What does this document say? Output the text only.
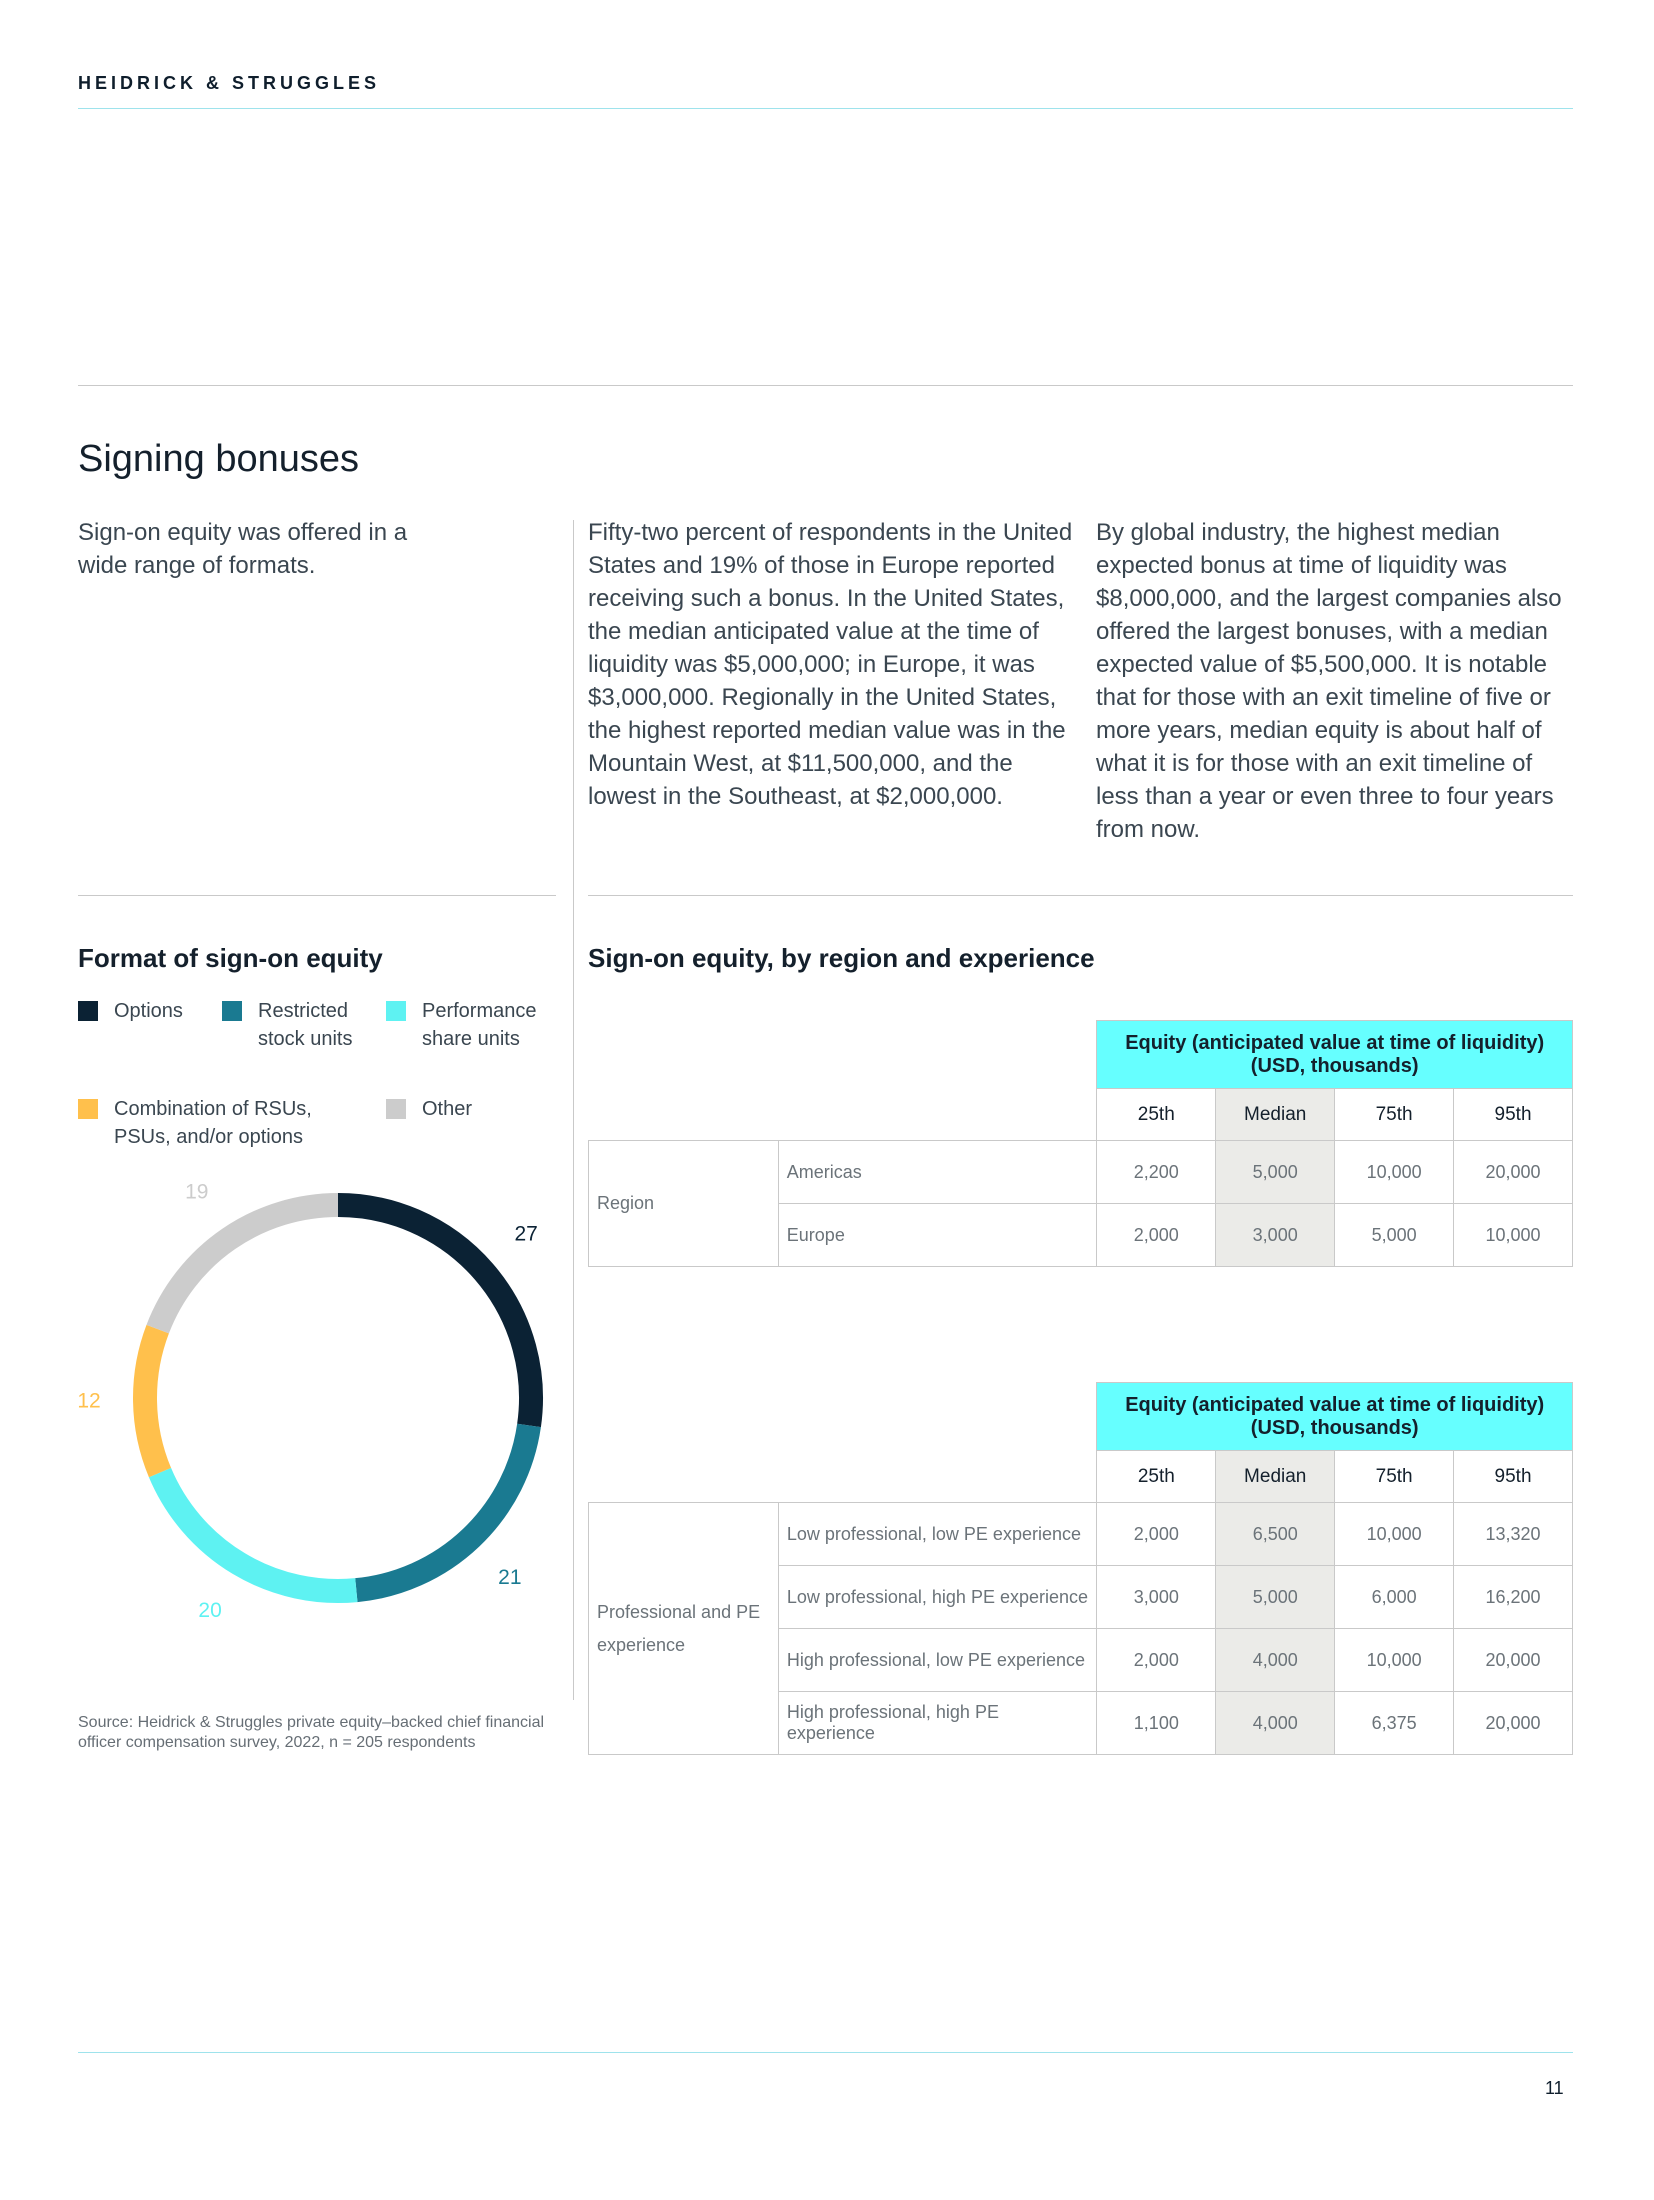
HEIDRICK & STRUGGLES
Signing bonuses
Sign-on equity was offered in a wide range of formats.
Fifty-two percent of respondents in the United States and 19% of those in Europe reported receiving such a bonus. In the United States, the median anticipated value at the time of liquidity was $5,000,000; in Europe, it was $3,000,000. Regionally in the United States, the highest reported median value was in the Mountain West, at $11,500,000, and the lowest in the Southeast, at $2,000,000.
By global industry, the highest median expected bonus at time of liquidity was $8,000,000, and the largest companies also offered the largest bonuses, with a median expected value of $5,500,000. It is notable that for those with an exit timeline of five or more years, median equity is about half of what it is for those with an exit timeline of less than a year or even three to four years from now.
Format of sign-on equity
Options	Restricted stock units
Performance share units
Combination of RSUs, PSUs, and/or options
Other
27
21
20
12
19
Source: Heidrick & Struggles private equity–backed chief financial officer compensation survey, 2022, n = 205 respondents
Sign-on equity, by region and experience
		Equity (anticipated value at time of liquidity) (USD, thousands)			
		25th	Median	75th	95th
Region	Americas	2,200	5,000	10,000	20,000
	Europe	2,000	3,000	5,000	10,000
		Equity (anticipated value at time of liquidity) (USD, thousands)			
		25th	Median	75th	95th
Professional and PE experience	Low professional, low PE experience	2,000	6,500	10,000	13,320
	Low professional, high PE experience	3,000	5,000	6,000	16,200
	High professional, low PE experience	2,000	4,000	10,000	20,000
	High professional, high PE experience	1,100	4,000	6,375	20,000
11
